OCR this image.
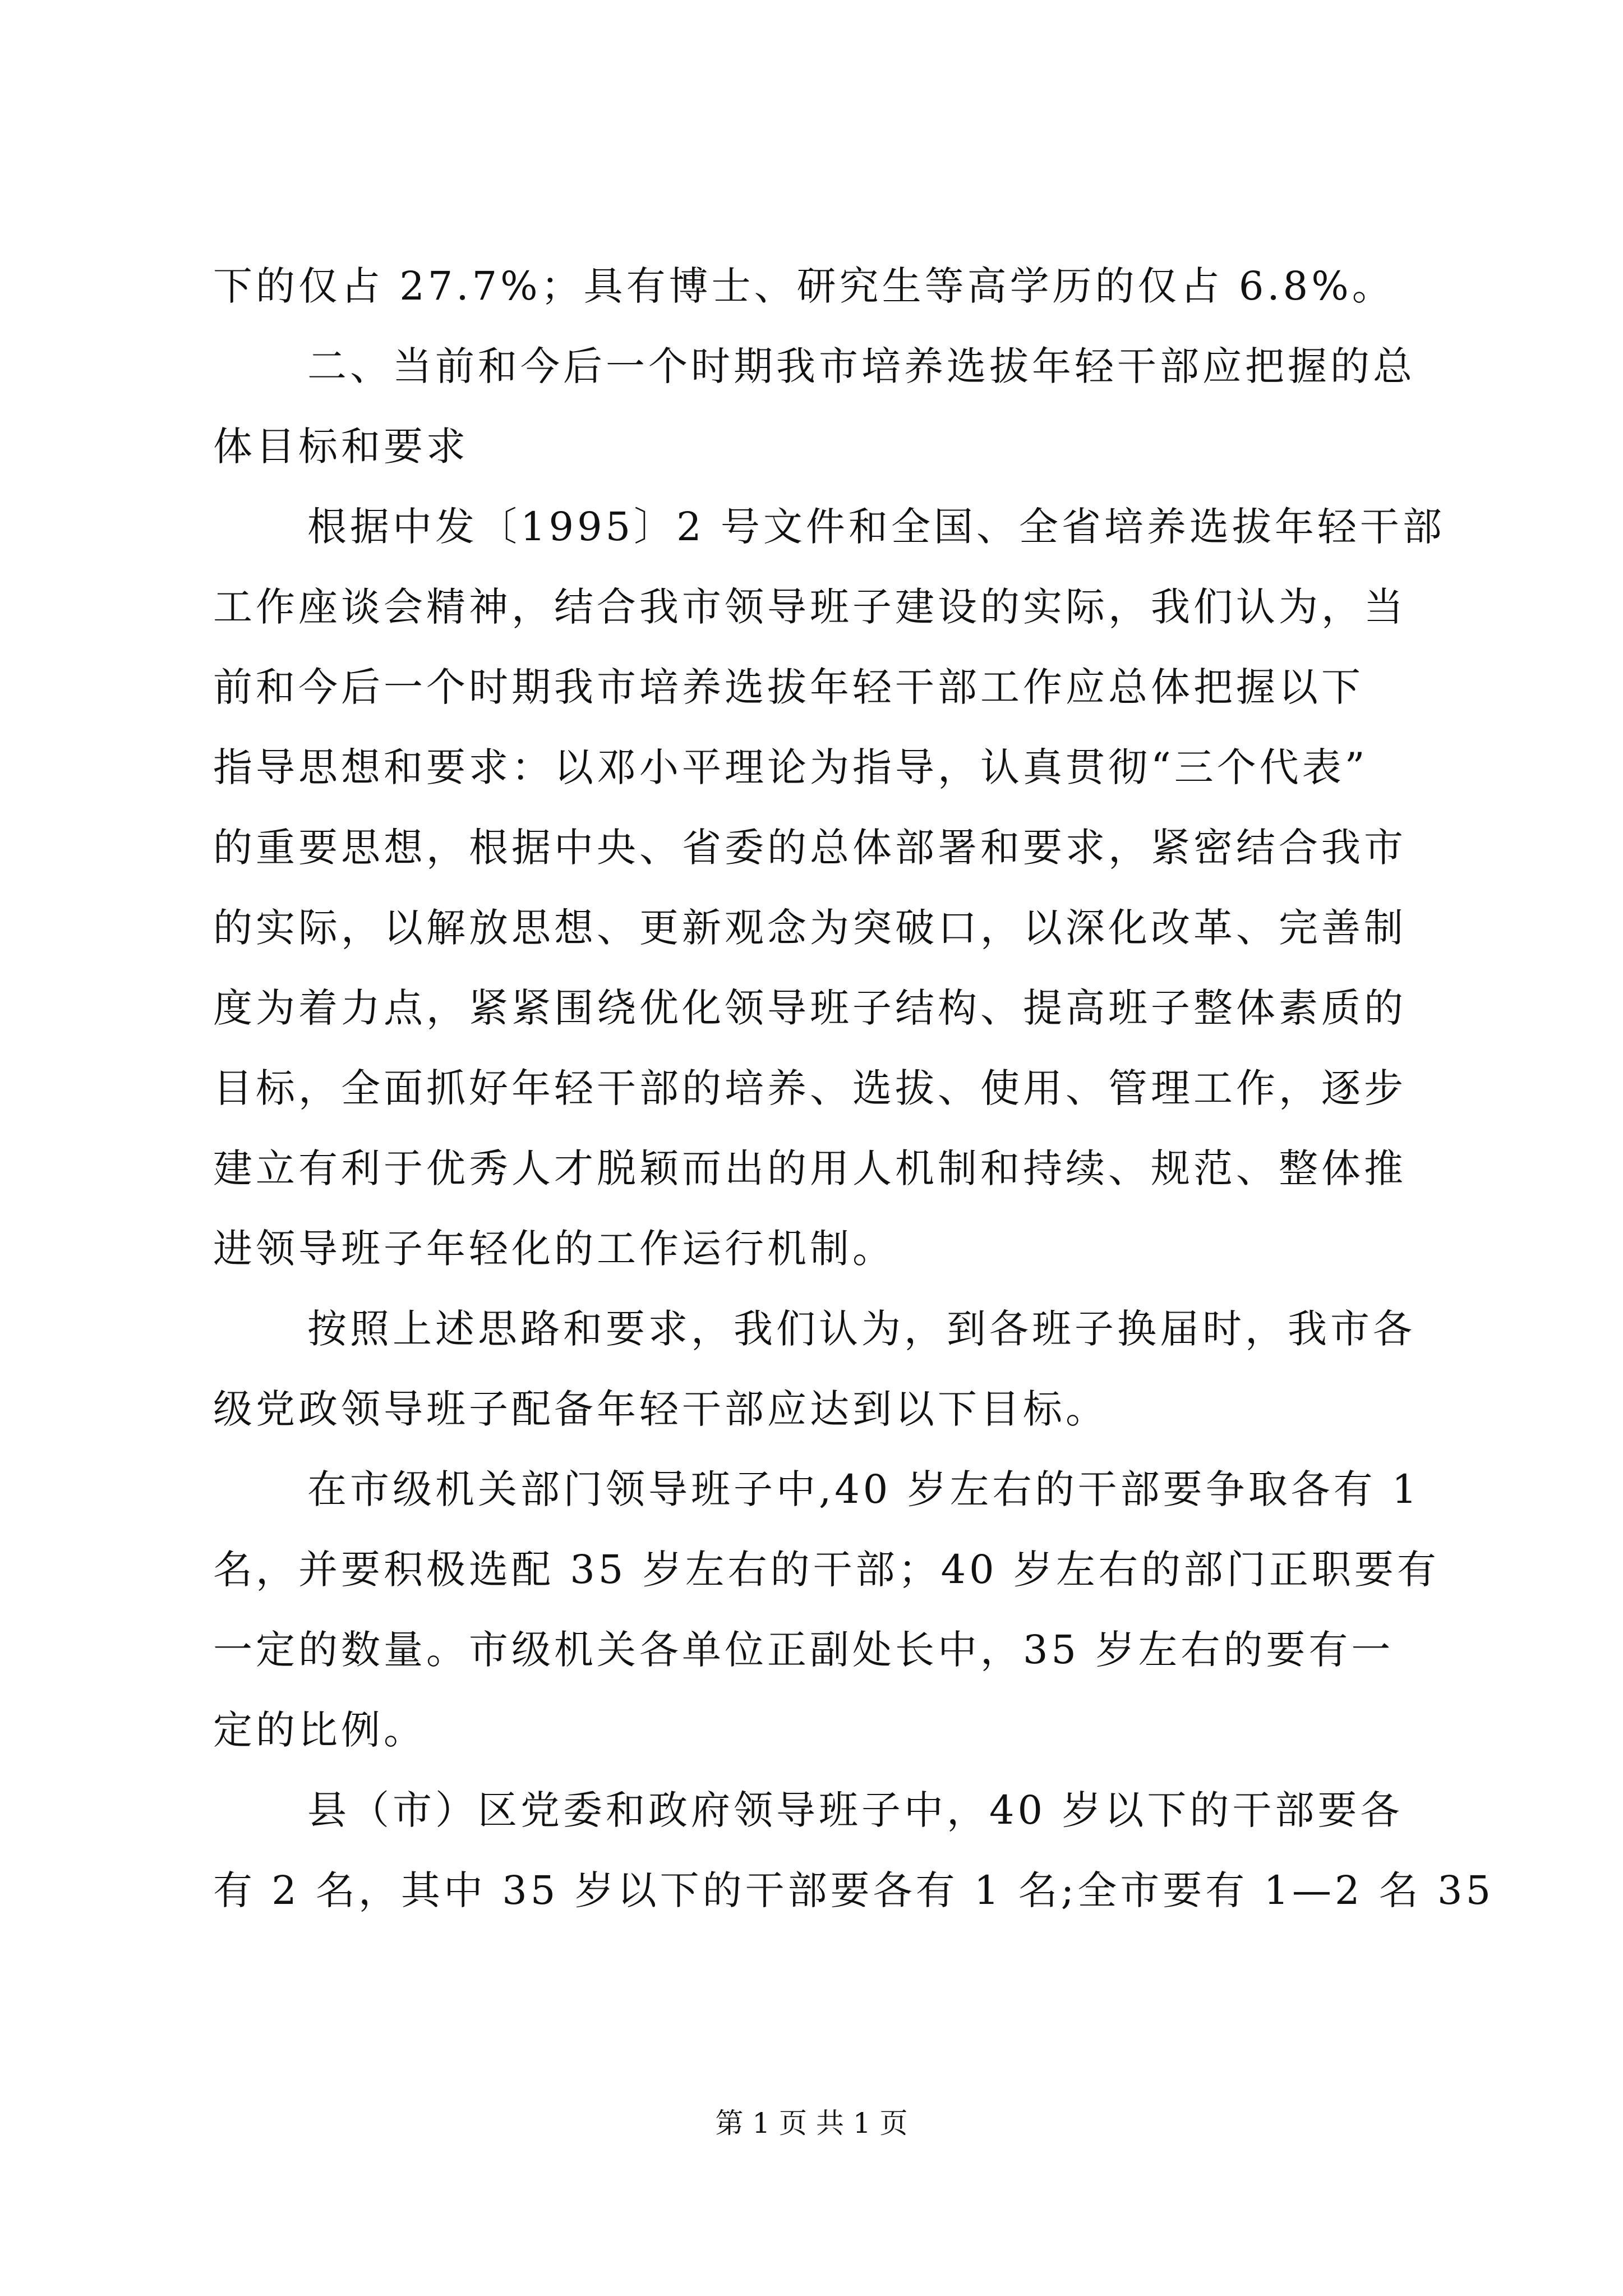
下的仅占 27.7%；具有博士、研究生等高学历的仅占 6.8%。
二、当前和今后一个时期我市培养选拔年轻干部应把握的总
体目标和要求
根据中发〔1995〕2 号文件和全国、全省培养选拔年轻干部
工作座谈会精神，结合我市领导班子建设的实际，我们认为，当
前和今后一个时期我市培养选拔年轻干部工作应总体把握以下
指导思想和要求：以邓小平理论为指导，认真贯彻“三个代表”
的重要思想，根据中央、省委的总体部署和要求，紧密结合我市
的实际，以解放思想、更新观念为突破口，以深化改革、完善制
度为着力点，紧紧围绕优化领导班子结构、提高班子整体素质的
目标，全面抓好年轻干部的培养、选拔、使用、管理工作，逐步
建立有利于优秀人才脱颖而出的用人机制和持续、规范、整体推
进领导班子年轻化的工作运行机制。
按照上述思路和要求，我们认为，到各班子换届时，我市各
级党政领导班子配备年轻干部应达到以下目标。
在市级机关部门领导班子中,40 岁左右的干部要争取各有 1
名，并要积极选配 35 岁左右的干部；40 岁左右的部门正职要有
一定的数量。市级机关各单位正副处长中，35 岁左右的要有一
定的比例。
县（市）区党委和政府领导班子中，40 岁以下的干部要各
有 2 名，其中 35 岁以下的干部要各有 1 名;全市要有 1—2 名 35
第 1 页 共 1 页
